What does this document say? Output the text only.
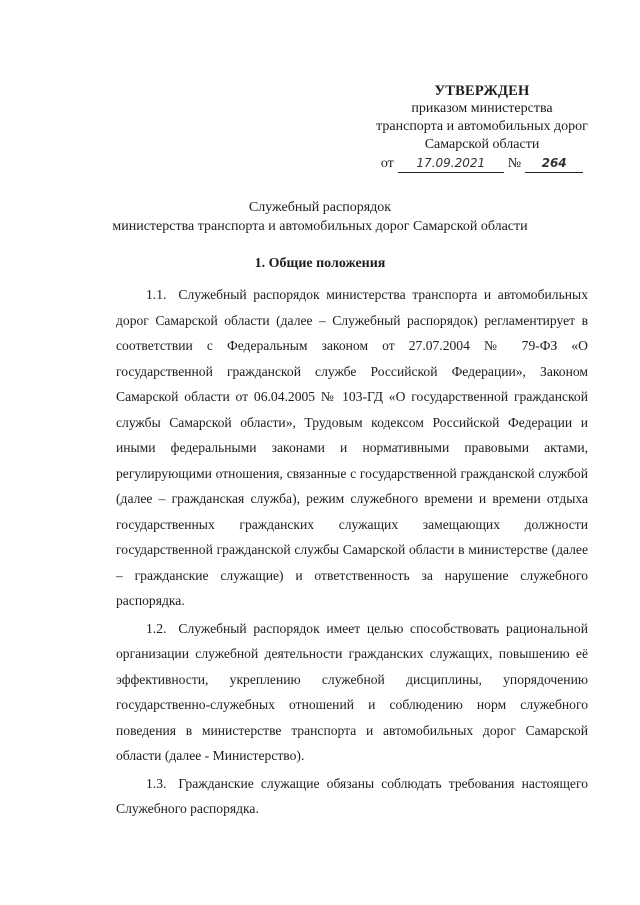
УТВЕРЖДЕН
приказом министерства
транспорта и автомобильных дорог
Самарской области
от	17.09.2021	№	264
Служебный распорядок
министерства транспорта и автомобильных дорог Самарской области
1. Общие положения

1.1. Служебный распорядок министерства транспорта и автомобильных дорог Самарской области (далее – Служебный распорядок) регламентирует в соответствии с Федеральным законом от 27.07.2004 № 79-ФЗ «О государственной гражданской службе Российской Федерации», Законом Самарской области от 06.04.2005 № 103-ГД «О государственной гражданской службы Самарской области», Трудовым кодексом Российской Федерации и иными федеральными законами и нормативными правовыми актами, регулирующими отношения, связанные с государственной гражданской службой (далее – гражданская служба), режим служебного времени и времени отдыха государственных гражданских служащих замещающих должности государственной гражданской службы Самарской области в министерстве (далее – гражданские служащие) и ответственность за нарушение служебного распорядка.

1.2. Служебный распорядок имеет целью способствовать рациональной организации служебной деятельности гражданских служащих, повышению её эффективности, укреплению служебной дисциплины, упорядочению государственно-служебных отношений и соблюдению норм служебного поведения в министерстве транспорта и автомобильных дорог Самарской области (далее - Министерство).

1.3. Гражданские служащие обязаны соблюдать требования настоящего Служебного распорядка.
